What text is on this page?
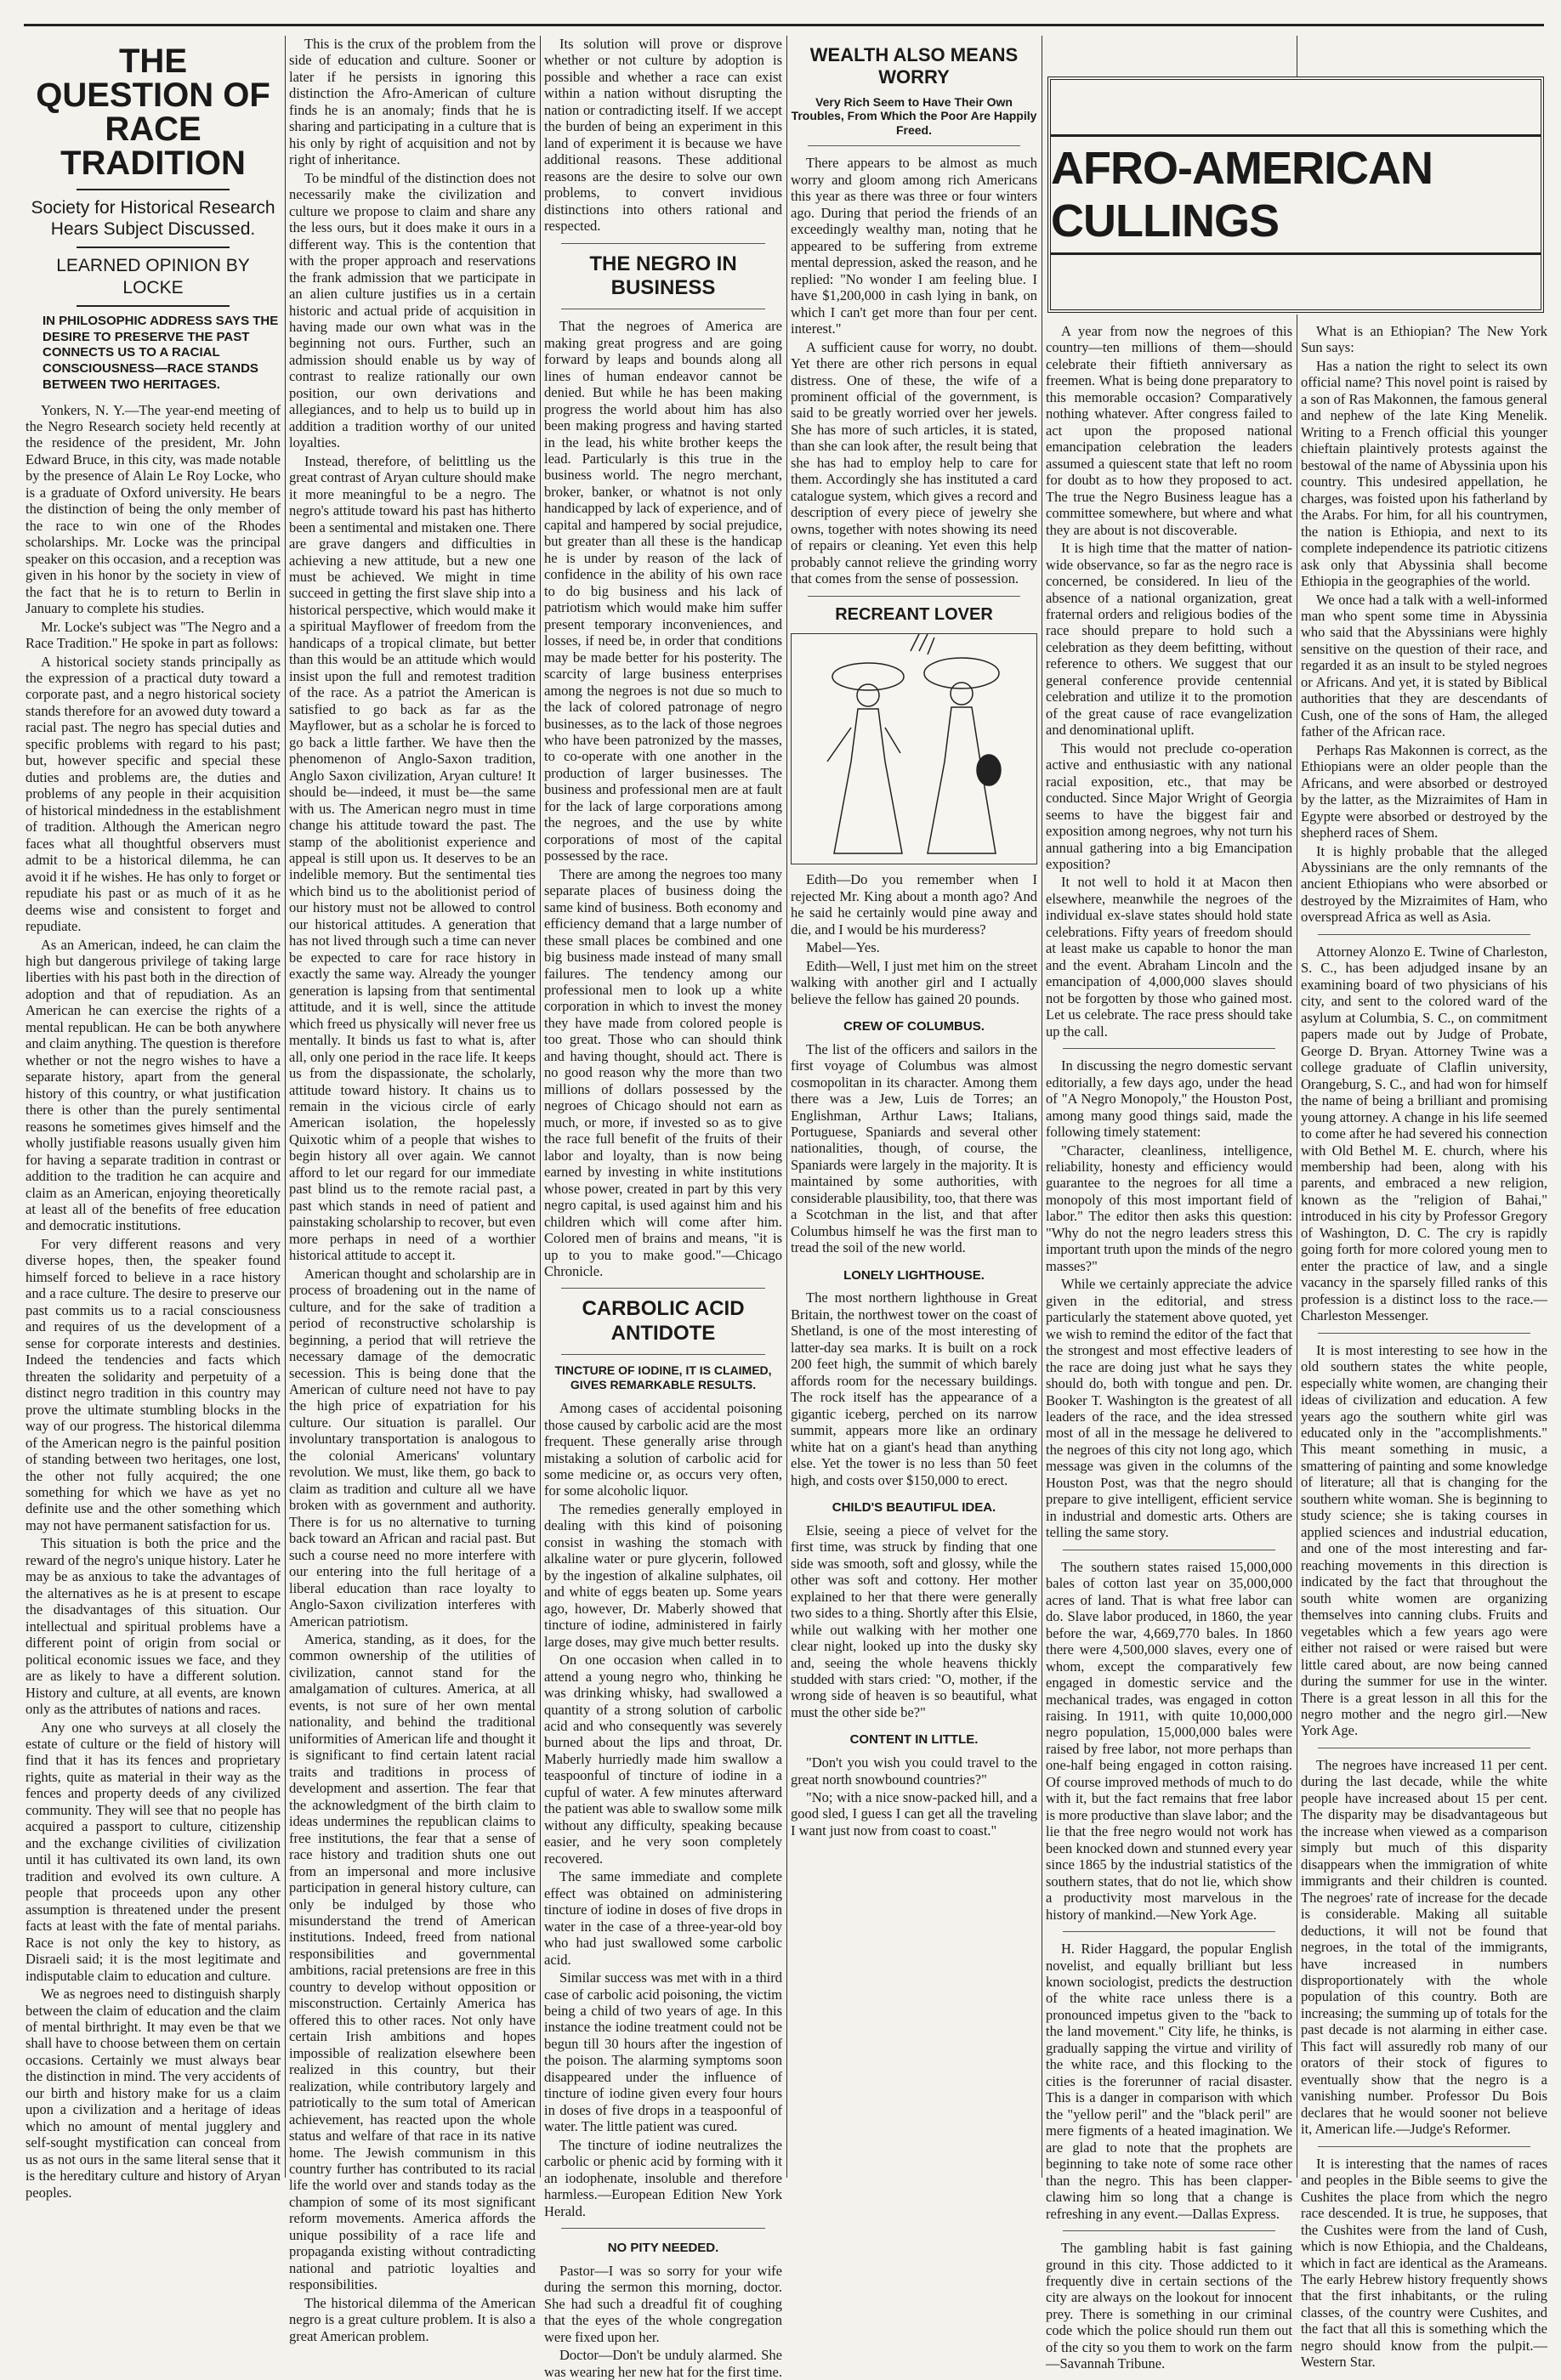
THE QUESTION OF RACE TRADITION
Society for Historical Research Hears Subject Discussed.
LEARNED OPINION BY LOCKE
IN PHILOSOPHIC ADDRESS SAYS THE DESIRE TO PRESERVE THE PAST CONNECTS US TO A RACIAL CONSCIOUSNESS—RACE STANDS BETWEEN TWO HERITAGES.

Yonkers, N. Y.—The year-end meeting of the Negro Research society held recently at the residence of the president, Mr. John Edward Bruce, in this city, was made notable by the presence of Alain Le Roy Locke, who is a graduate of Oxford university. He bears the distinction of being the only member of the race to win one of the Rhodes scholarships. Mr. Locke was the principal speaker on this occasion, and a reception was given in his honor by the society in view of the fact that he is to return to Berlin in January to complete his studies.

Mr. Locke's subject was "The Negro and a Race Tradition." He spoke in part as follows:

A historical society stands principally as the expression of a practical duty toward a corporate past, and a negro historical society stands therefore for an avowed duty toward a racial past. The negro has special duties and specific problems with regard to his past; but, however specific and special these duties and problems are, the duties and problems of any people in their acquisition of historical mindedness in the establishment of tradition. Although the American negro faces what all thoughtful observers must admit to be a historical dilemma, he can avoid it if he wishes. He has only to forget or repudiate his past or as much of it as he deems wise and consistent to forget and repudiate.

As an American, indeed, he can claim the high but dangerous privilege of taking large liberties with his past both in the direction of adoption and that of repudiation. As an American he can exercise the rights of a mental republican. He can be both anywhere and claim anything. The question is therefore whether or not the negro wishes to have a separate history, apart from the general history of this country, or what justification there is other than the purely sentimental reasons he sometimes gives himself and the wholly justifiable reasons usually given him for having a separate tradition in contrast or addition to the tradition he can acquire and claim as an American, enjoying theoretically at least all of the benefits of free education and democratic institutions.

For very different reasons and very diverse hopes, then, the speaker found himself forced to believe in a race history and a race culture. The desire to preserve our past commits us to a racial consciousness and requires of us the development of a sense for corporate interests and destinies. Indeed the tendencies and facts which threaten the solidarity and perpetuity of a distinct negro tradition in this country may prove the ultimate stumbling blocks in the way of our progress. The historical dilemma of the American negro is the painful position of standing between two heritages, one lost, the other not fully acquired; the one something for which we have as yet no definite use and the other something which may not have permanent satisfaction for us.

This situation is both the price and the reward of the negro's unique history. Later he may be as anxious to take the advantages of the alternatives as he is at present to escape the disadvantages of this situation. Our intellectual and spiritual problems have a different point of origin from social or political economic issues we face, and they are as likely to have a different solution. History and culture, at all events, are known only as the attributes of nations and races.

Any one who surveys at all closely the estate of culture or the field of history will find that it has its fences and proprietary rights, quite as material in their way as the fences and property deeds of any civilized community. They will see that no people has acquired a passport to culture, citizenship and the exchange civilities of civilization until it has cultivated its own land, its own tradition and evolved its own culture. A people that proceeds upon any other assumption is threatened under the present facts at least with the fate of mental pariahs. Race is not only the key to history, as Disraeli said; it is the most legitimate and indisputable claim to education and culture.

We as negroes need to distinguish sharply between the claim of education and the claim of mental birthright. It may even be that we shall have to choose between them on certain occasions. Certainly we must always bear the distinction in mind. The very accidents of our birth and history make for us a claim upon a civilization and a heritage of ideas which no amount of mental jugglery and self-sought mystification can conceal from us as not ours in the same literal sense that it is the hereditary culture and history of Aryan peoples.

This is the crux of the problem from the side of education and culture. Sooner or later if he persists in ignoring this distinction the Afro-American of culture finds he is an anomaly; finds that he is sharing and participating in a culture that is his only by right of acquisition and not by right of inheritance.

To be mindful of the distinction does not necessarily make the civilization and culture we propose to claim and share any the less ours, but it does make it ours in a different way. This is the contention that with the proper approach and reservations the frank admission that we participate in an alien culture justifies us in a certain historic and actual pride of acquisition in having made our own what was in the beginning not ours. Further, such an admission should enable us by way of contrast to realize rationally our own position, our own derivations and allegiances, and to help us to build up in addition a tradition worthy of our united loyalties.

Instead, therefore, of belittling us the great contrast of Aryan culture should make it more meaningful to be a negro. The negro's attitude toward his past has hitherto been a sentimental and mistaken one. There are grave dangers and difficulties in achieving a new attitude, but a new one must be achieved. We might in time succeed in getting the first slave ship into a historical perspective, which would make it a spiritual Mayflower of freedom from the handicaps of a tropical climate, but better than this would be an attitude which would insist upon the full and remotest tradition of the race. As a patriot the American is satisfied to go back as far as the Mayflower, but as a scholar he is forced to go back a little farther. We have then the phenomenon of Anglo-Saxon tradition, Anglo Saxon civilization, Aryan culture! It should be—indeed, it must be—the same with us. The American negro must in time change his attitude toward the past. The stamp of the abolitionist experience and appeal is still upon us. It deserves to be an indelible memory. But the sentimental ties which bind us to the abolitionist period of our history must not be allowed to control our historical attitudes. A generation that has not lived through such a time can never be expected to care for race history in exactly the same way. Already the younger generation is lapsing from that sentimental attitude, and it is well, since the attitude which freed us physically will never free us mentally. It binds us fast to what is, after all, only one period in the race life. It keeps us from the dispassionate, the scholarly, attitude toward history. It chains us to remain in the vicious circle of early American isolation, the hopelessly Quixotic whim of a people that wishes to begin history all over again. We cannot afford to let our regard for our immediate past blind us to the remote racial past, a past which stands in need of patient and painstaking scholarship to recover, but even more perhaps in need of a worthier historical attitude to accept it.

American thought and scholarship are in process of broadening out in the name of culture, and for the sake of tradition a period of reconstructive scholarship is beginning, a period that will retrieve the necessary damage of the democratic secession. This is being done that the American of culture need not have to pay the high price of expatriation for his culture. Our situation is parallel. Our involuntary transportation is analogous to the colonial Americans' voluntary revolution. We must, like them, go back to claim as tradition and culture all we have broken with as government and authority. There is for us no alternative to turning back toward an African and racial past. But such a course need no more interfere with our entering into the full heritage of a liberal education than race loyalty to Anglo-Saxon civilization interferes with American patriotism.

America, standing, as it does, for the common ownership of the utilities of civilization, cannot stand for the amalgamation of cultures. America, at all events, is not sure of her own mental nationality, and behind the traditional uniformities of American life and thought it is significant to find certain latent racial traits and traditions in process of development and assertion. The fear that the acknowledgment of the birth claim to ideas undermines the republican claims to free institutions, the fear that a sense of race history and tradition shuts one out from an impersonal and more inclusive participation in general history culture, can only be indulged by those who misunderstand the trend of American institutions. Indeed, freed from national responsibilities and governmental ambitions, racial pretensions are free in this country to develop without opposition or misconstruction. Certainly America has offered this to other races. Not only have certain Irish ambitions and hopes impossible of realization elsewhere been realized in this country, but their realization, while contributory largely and patriotically to the sum total of American achievement, has reacted upon the whole status and welfare of that race in its native home. The Jewish communism in this country further has contributed to its racial life the world over and stands today as the champion of some of its most significant reform movements. America affords the unique possibility of a race life and propaganda existing without contradicting national and patriotic loyalties and responsibilities.

The historical dilemma of the American negro is a great culture problem. It is also a great American problem.

Its solution will prove or disprove whether or not culture by adoption is possible and whether a race can exist within a nation without disrupting the nation or contradicting itself. If we accept the burden of being an experiment in this land of experiment it is because we have additional reasons. These additional reasons are the desire to solve our own problems, to convert invidious distinctions into others rational and respected.

THE NEGRO IN BUSINESS

That the negroes of America are making great progress and are going forward by leaps and bounds along all lines of human endeavor cannot be denied. But while he has been making progress the world about him has also been making progress and having started in the lead, his white brother keeps the lead. Particularly is this true in the business world. The negro merchant, broker, banker, or whatnot is not only handicapped by lack of experience, and of capital and hampered by social prejudice, but greater than all these is the handicap he is under by reason of the lack of confidence in the ability of his own race to do big business and his lack of patriotism which would make him suffer present temporary inconveniences, and losses, if need be, in order that conditions may be made better for his posterity. The scarcity of large business enterprises among the negroes is not due so much to the lack of colored patronage of negro businesses, as to the lack of those negroes who have been patronized by the masses, to co-operate with one another in the production of larger businesses. The business and professional men are at fault for the lack of large corporations among the negroes, and the use by white corporations of most of the capital possessed by the race.

There are among the negroes too many separate places of business doing the same kind of business. Both economy and efficiency demand that a large number of these small places be combined and one big business made instead of many small failures. The tendency among our professional men to look up a white corporation in which to invest the money they have made from colored people is too great. Those who can should think and having thought, should act. There is no good reason why the more than two millions of dollars possessed by the negroes of Chicago should not earn as much, or more, if invested so as to give the race full benefit of the fruits of their labor and loyalty, than is now being earned by investing in white institutions whose power, created in part by this very negro capital, is used against him and his children which will come after him. Colored men of brains and means, "it is up to you to make good."—Chicago Chronicle.

CARBOLIC ACID ANTIDOTE
TINCTURE OF IODINE, IT IS CLAIMED, GIVES REMARKABLE RESULTS.

Among cases of accidental poisoning those caused by carbolic acid are the most frequent. These generally arise through mistaking a solution of carbolic acid for some medicine or, as occurs very often, for some alcoholic liquor.

The remedies generally employed in dealing with this kind of poisoning consist in washing the stomach with alkaline water or pure glycerin, followed by the ingestion of alkaline sulphates, oil and white of eggs beaten up. Some years ago, however, Dr. Maberly showed that tincture of iodine, administered in fairly large doses, may give much better results.

On one occasion when called in to attend a young negro who, thinking he was drinking whisky, had swallowed a quantity of a strong solution of carbolic acid and who consequently was severely burned about the lips and throat, Dr. Maberly hurriedly made him swallow a teaspoonful of tincture of iodine in a cupful of water. A few minutes afterward the patient was able to swallow some milk without any difficulty, speaking because easier, and he very soon completely recovered.

The same immediate and complete effect was obtained on administering tincture of iodine in doses of five drops in water in the case of a three-year-old boy who had just swallowed some carbolic acid.

Similar success was met with in a third case of carbolic acid poisoning, the victim being a child of two years of age. In this instance the iodine treatment could not be begun till 30 hours after the ingestion of the poison. The alarming symptoms soon disappeared under the influence of tincture of iodine given every four hours in doses of five drops in a teaspoonful of water. The little patient was cured.

The tincture of iodine neutralizes the carbolic or phenic acid by forming with it an iodophenate, insoluble and therefore harmless.—European Edition New York Herald.

NO PITY NEEDED.

Pastor—I was so sorry for your wife during the sermon this morning, doctor. She had such a dreadful fit of coughing that the eyes of the whole congregation were fixed upon her.

Doctor—Don't be unduly alarmed. She was wearing her new hat for the first time.

WEALTH ALSO MEANS WORRY
Very Rich Seem to Have Their Own Troubles, From Which the Poor Are Happily Freed.

There appears to be almost as much worry and gloom among rich Americans this year as there was three or four winters ago. During that period the friends of an exceedingly wealthy man, noting that he appeared to be suffering from extreme mental depression, asked the reason, and he replied: "No wonder I am feeling blue. I have $1,200,000 in cash lying in bank, on which I can't get more than four per cent. interest."

A sufficient cause for worry, no doubt. Yet there are other rich persons in equal distress. One of these, the wife of a prominent official of the government, is said to be greatly worried over her jewels. She has more of such articles, it is stated, than she can look after, the result being that she has had to employ help to care for them. Accordingly she has instituted a card catalogue system, which gives a record and description of every piece of jewelry she owns, together with notes showing its need of repairs or cleaning. Yet even this help probably cannot relieve the grinding worry that comes from the sense of possession.

RECREANT LOVER

Edith—Do you remember when I rejected Mr. King about a month ago? And he said he certainly would pine away and die, and I would be his murderess?

Mabel—Yes.

Edith—Well, I just met him on the street walking with another girl and I actually believe the fellow has gained 20 pounds.

CREW OF COLUMBUS.

The list of the officers and sailors in the first voyage of Columbus was almost cosmopolitan in its character. Among them there was a Jew, Luis de Torres; an Englishman, Arthur Laws; Italians, Portuguese, Spaniards and several other nationalities, though, of course, the Spaniards were largely in the majority. It is maintained by some authorities, with considerable plausibility, too, that there was a Scotchman in the list, and that after Columbus himself he was the first man to tread the soil of the new world.

LONELY LIGHTHOUSE.

The most northern lighthouse in Great Britain, the northwest tower on the coast of Shetland, is one of the most interesting of latter-day sea marks. It is built on a rock 200 feet high, the summit of which barely affords room for the necessary buildings. The rock itself has the appearance of a gigantic iceberg, perched on its narrow summit, appears more like an ordinary white hat on a giant's head than anything else. Yet the tower is no less than 50 feet high, and costs over $150,000 to erect.

CHILD'S BEAUTIFUL IDEA.

Elsie, seeing a piece of velvet for the first time, was struck by finding that one side was smooth, soft and glossy, while the other was soft and cottony. Her mother explained to her that there were generally two sides to a thing. Shortly after this Elsie, while out walking with her mother one clear night, looked up into the dusky sky and, seeing the whole heavens thickly studded with stars cried: "O, mother, if the wrong side of heaven is so beautiful, what must the other side be?"

CONTENT IN LITTLE.

"Don't you wish you could travel to the great north snowbound countries?"

"No; with a nice snow-packed hill, and a good sled, I guess I can get all the traveling I want just now from coast to coast."

A year from now the negroes of this country—ten millions of them—should celebrate their fiftieth anniversary as freemen. What is being done preparatory to this memorable occasion? Comparatively nothing whatever. After congress failed to act upon the proposed national emancipation celebration the leaders assumed a quiescent state that left no room for doubt as to how they proposed to act. The true the Negro Business league has a committee somewhere, but where and what they are about is not discoverable.

It is high time that the matter of nation-wide observance, so far as the negro race is concerned, be considered. In lieu of the absence of a national organization, great fraternal orders and religious bodies of the race should prepare to hold such a celebration as they deem befitting, without reference to others. We suggest that our general conference provide centennial celebration and utilize it to the promotion of the great cause of race evangelization and denominational uplift.

This would not preclude co-operation active and enthusiastic with any national racial exposition, etc., that may be conducted. Since Major Wright of Georgia seems to have the biggest fair and exposition among negroes, why not turn his annual gathering into a big Emancipation exposition?

It not well to hold it at Macon then elsewhere, meanwhile the negroes of the individual ex-slave states should hold state celebrations. Fifty years of freedom should at least make us capable to honor the man and the event. Abraham Lincoln and the emancipation of 4,000,000 slaves should not be forgotten by those who gained most. Let us celebrate. The race press should take up the call.

In discussing the negro domestic servant editorially, a few days ago, under the head of "A Negro Monopoly," the Houston Post, among many good things said, made the following timely statement:

"Character, cleanliness, intelligence, reliability, honesty and efficiency would guarantee to the negroes for all time a monopoly of this most important field of labor." The editor then asks this question: "Why do not the negro leaders stress this important truth upon the minds of the negro masses?"

While we certainly appreciate the advice given in the editorial, and stress particularly the statement above quoted, yet we wish to remind the editor of the fact that the strongest and most effective leaders of the race are doing just what he says they should do, both with tongue and pen. Dr. Booker T. Washington is the greatest of all leaders of the race, and the idea stressed most of all in the message he delivered to the negroes of this city not long ago, which message was given in the columns of the Houston Post, was that the negro should prepare to give intelligent, efficient service in industrial and domestic arts. Others are telling the same story.

The southern states raised 15,000,000 bales of cotton last year on 35,000,000 acres of land. That is what free labor can do. Slave labor produced, in 1860, the year before the war, 4,669,770 bales. In 1860 there were 4,500,000 slaves, every one of whom, except the comparatively few engaged in domestic service and the mechanical trades, was engaged in cotton raising. In 1911, with quite 10,000,000 negro population, 15,000,000 bales were raised by free labor, not more perhaps than one-half being engaged in cotton raising. Of course improved methods of much to do with it, but the fact remains that free labor is more productive than slave labor; and the lie that the free negro would not work has been knocked down and stunned every year since 1865 by the industrial statistics of the southern states, that do not lie, which show a productivity most marvelous in the history of mankind.—New York Age.

H. Rider Haggard, the popular English novelist, and equally brilliant but less known sociologist, predicts the destruction of the white race unless there is a pronounced impetus given to the "back to the land movement." City life, he thinks, is gradually sapping the virtue and virility of the white race, and this flocking to the cities is the forerunner of racial disaster. This is a danger in comparison with which the "yellow peril" and the "black peril" are mere figments of a heated imagination. We are glad to note that the prophets are beginning to take note of some race other than the negro. This has been clapper-clawing him so long that a change is refreshing in any event.—Dallas Express.

The gambling habit is fast gaining ground in this city. Those addicted to it frequently dive in certain sections of the city are always on the lookout for innocent prey. There is something in our criminal code which the police should run them out of the city so you them to work on the farm—Savannah Tribune.

AFRO-AMERICAN CULLINGS

What is an Ethiopian? The New York Sun says:

Has a nation the right to select its own official name? This novel point is raised by a son of Ras Makonnen, the famous general and nephew of the late King Menelik. Writing to a French official this younger chieftain plaintively protests against the bestowal of the name of Abyssinia upon his country. This undesired appellation, he charges, was foisted upon his fatherland by the Arabs. For him, for all his countrymen, the nation is Ethiopia, and next to its complete independence its patriotic citizens ask only that Abyssinia shall become Ethiopia in the geographies of the world.

We once had a talk with a well-informed man who spent some time in Abyssinia who said that the Abyssinians were highly sensitive on the question of their race, and regarded it as an insult to be styled negroes or Africans. And yet, it is stated by Biblical authorities that they are descendants of Cush, one of the sons of Ham, the alleged father of the African race.

Perhaps Ras Makonnen is correct, as the Ethiopians were an older people than the Africans, and were absorbed or destroyed by the latter, as the Mizraimites of Ham in Egypte were absorbed or destroyed by the shepherd races of Shem.

It is highly probable that the alleged Abyssinians are the only remnants of the ancient Ethiopians who were absorbed or destroyed by the Mizraimites of Ham, who overspread Africa as well as Asia.

Attorney Alonzo E. Twine of Charleston, S. C., has been adjudged insane by an examining board of two physicians of his city, and sent to the colored ward of the asylum at Columbia, S. C., on commitment papers made out by Judge of Probate, George D. Bryan. Attorney Twine was a college graduate of Claflin university, Orangeburg, S. C., and had won for himself the name of being a brilliant and promising young attorney. A change in his life seemed to come after he had severed his connection with Old Bethel M. E. church, where his membership had been, along with his parents, and embraced a new religion, known as the "religion of Bahai," introduced in his city by Professor Gregory of Washington, D. C. The cry is rapidly going forth for more colored young men to enter the practice of law, and a single vacancy in the sparsely filled ranks of this profession is a distinct loss to the race.—Charleston Messenger.

It is most interesting to see how in the old southern states the white people, especially white women, are changing their ideas of civilization and education. A few years ago the southern white girl was educated only in the "accomplishments." This meant something in music, a smattering of painting and some knowledge of literature; all that is changing for the southern white woman. She is beginning to study science; she is taking courses in applied sciences and industrial education, and one of the most interesting and far-reaching movements in this direction is indicated by the fact that throughout the south white women are organizing themselves into canning clubs. Fruits and vegetables which a few years ago were either not raised or were raised but were little cared about, are now being canned during the summer for use in the winter. There is a great lesson in all this for the negro mother and the negro girl.—New York Age.

The negroes have increased 11 per cent. during the last decade, while the white people have increased about 15 per cent. The disparity may be disadvantageous but the increase when viewed as a comparison simply but much of this disparity disappears when the immigration of white immigrants and their children is counted. The negroes' rate of increase for the decade is considerable. Making all suitable deductions, it will not be found that negroes, in the total of the immigrants, have increased in numbers disproportionately with the whole population of this country. Both are increasing; the summing up of totals for the past decade is not alarming in either case. This fact will assuredly rob many of our orators of their stock of figures to eventually show that the negro is a vanishing number. Professor Du Bois declares that he would sooner not believe it, American life.—Judge's Reformer.

It is interesting that the names of races and peoples in the Bible seems to give the Cushites the place from which the negro race descended. It is true, he supposes, that the Cushites were from the land of Cush, which is now Ethiopia, and the Chaldeans, which in fact are identical as the Arameans. The early Hebrew history frequently shows that the first inhabitants, or the ruling classes, of the country were Cushites, and the fact that all this is something which the negro should know from the pulpit.—Western Star.
